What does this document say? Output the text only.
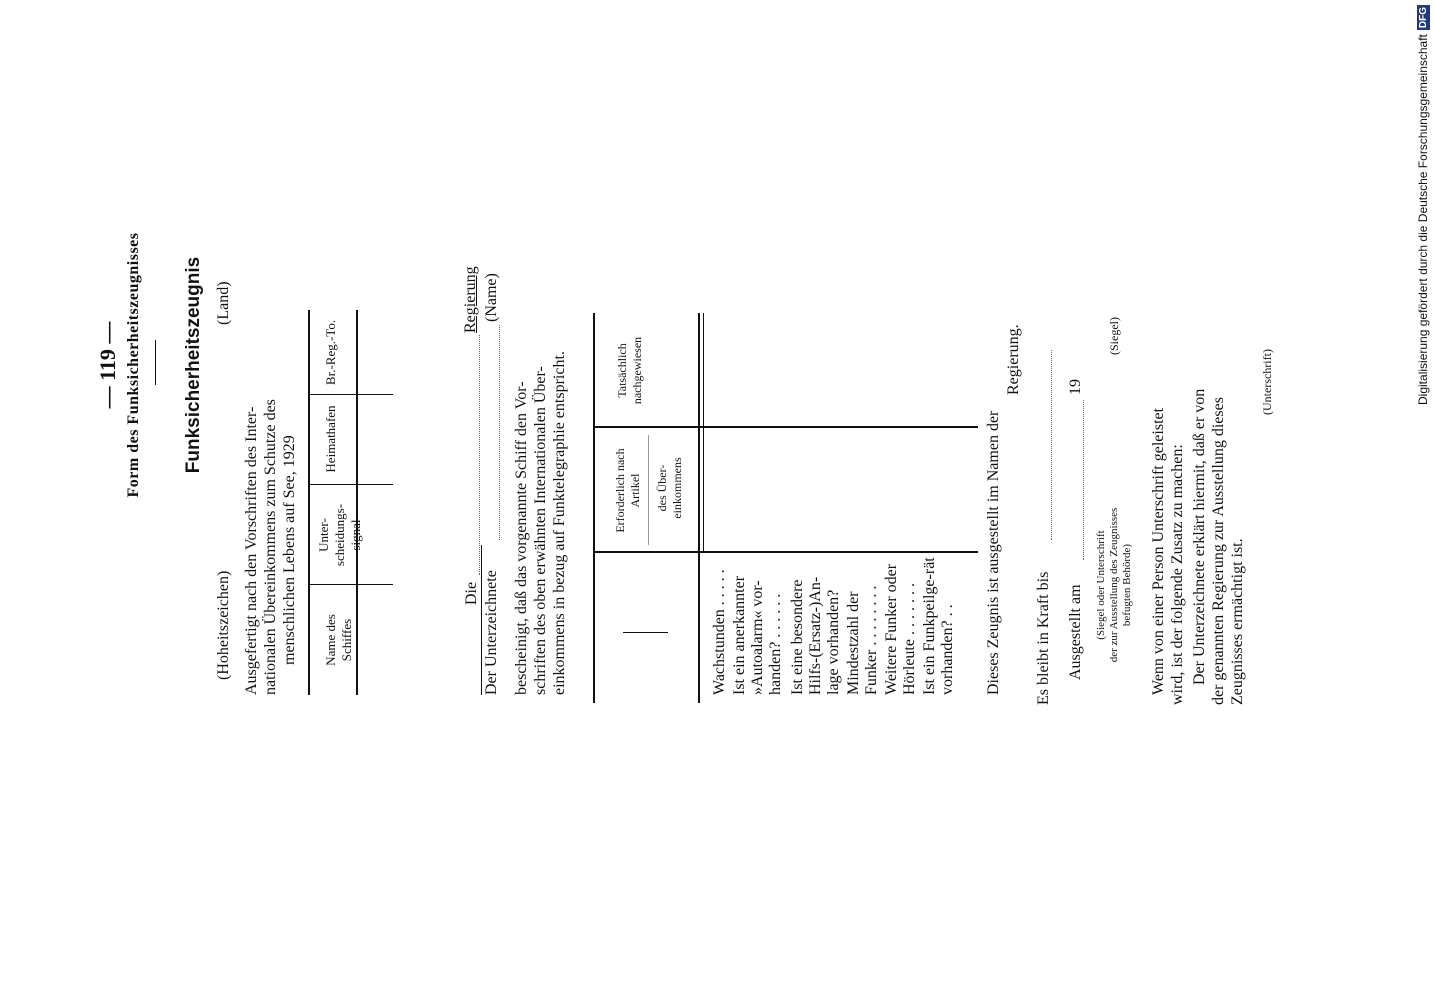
— 119 — Form des Funksicherheitszeugnisses Funksicherheitszeugnis
(Hoheitszeichen)
(Land)
Ausgefertigt nach den Vorschriften des Inter- nationalen Übereinkommens zum Schutze des menschlichen Lebens auf See, 1929 Name des Schiffes
Unter-scheidungs-signal
Heimathafen
Br.-Reg.-To.
Die
Regierung
Der Unterzeichnete
(Name)
bescheinigt, daß das vorgenannte Schiff den Vor- schriften des oben erwähnten Internationalen Über- einkommens in bezug auf Funktelegraphie entspricht.	Erforderlich nach Artikel des Über-einkommens
Tatsächlich nachgewiesen
Wachstunden . . . . . Ist ein anerkannter »Autoalarm« vor-handen? . . . . . . Ist eine besondere Hilfs-(Ersatz-)An-lage vorhanden? Mindestzahl der Funker . . . . . . . . Weitere Funker oder Hörleute . . . . . . . Ist ein Funkpeilge-rät vorhanden? . . Dieses Zeugnis ist ausgestellt im Namen der
Regierung.
Es bleibt in Kraft bis Ausgestellt am
19
(Siegel oder Unterschrift der zur Ausstellung des Zeugnisses befugten Behörde)
(Siegel)
Wenn von einer Person Unterschrift geleistet wird, ist der folgende Zusatz zu machen: Der Unterzeichnete erklärt hiermit, daß er von der genannten Regierung zur Ausstellung dieses Zeugnisses ermächtigt ist.
(Unterschrift)	Digitalisierung gefördert durch die Deutsche Forschungsgemeinschaft
DFG
